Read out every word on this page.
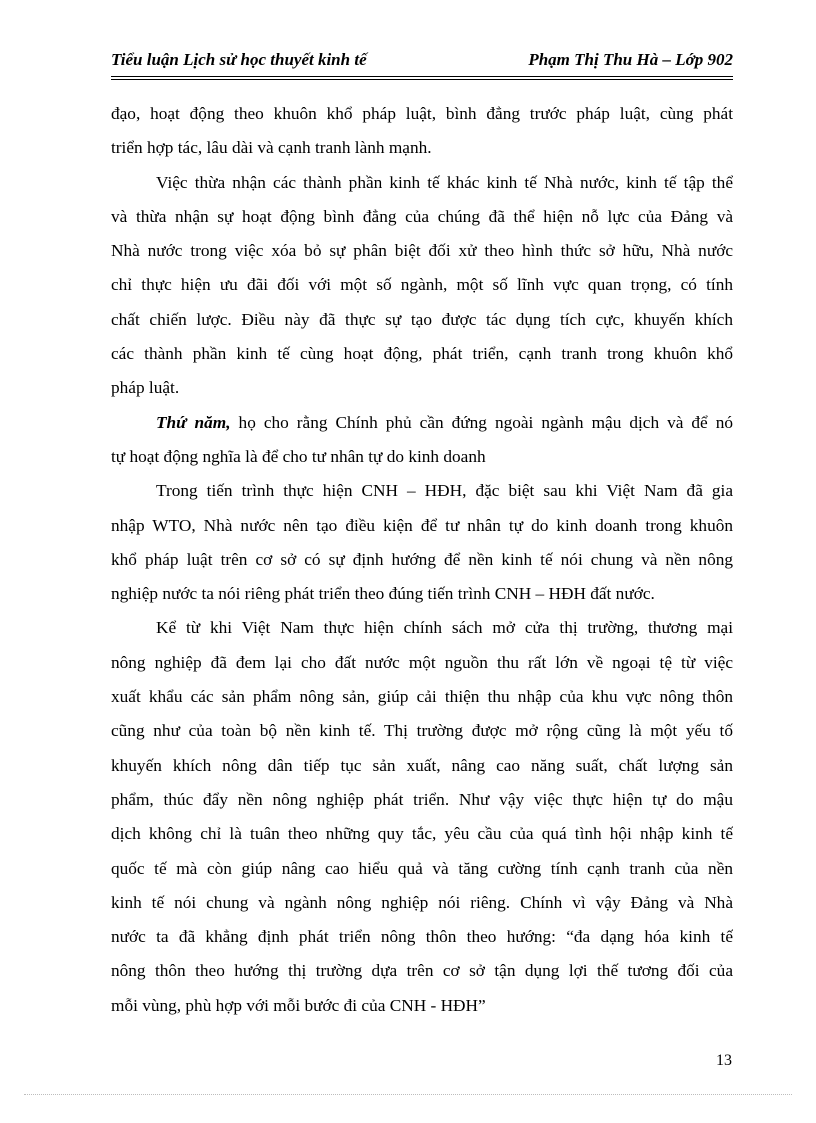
Tiểu luận Lịch sử học thuyết kinh tế	Phạm Thị Thu Hà – Lớp 902
đạo, hoạt động theo khuôn khổ pháp luật, bình đẳng trước pháp luật, cùng phát
triển hợp tác, lâu dài và cạnh tranh lành mạnh.
Việc thừa nhận các thành phần kinh tế khác kinh tế Nhà nước, kinh tế tập thể
và thừa nhận sự hoạt động bình đẳng của chúng đã thể hiện nỗ lực của Đảng và
Nhà nước trong việc xóa bỏ sự phân biệt đối xử theo hình thức sở hữu, Nhà nước
chỉ thực hiện ưu đãi đối với một số ngành, một số lĩnh vực quan trọng, có tính
chất chiến lược. Điều này đã thực sự tạo được tác dụng tích cực, khuyến khích
các thành phần kinh tế cùng hoạt động, phát triển, cạnh tranh trong khuôn khổ
pháp luật.
Thứ năm, họ cho rằng Chính phủ cần đứng ngoài ngành mậu dịch và để nó
tự hoạt động nghĩa là để cho tư nhân tự do kinh doanh
Trong tiến trình thực hiện CNH – HĐH, đặc biệt sau khi Việt Nam đã gia
nhập WTO, Nhà nước nên tạo điều kiện để tư nhân tự do kinh doanh trong khuôn
khổ pháp luật trên cơ sở có sự định hướng để nền kinh tế nói chung và nền nông
nghiệp nước ta nói riêng phát triển theo đúng tiến trình CNH – HĐH đất nước.
Kể từ khi Việt Nam thực hiện chính sách mở cửa thị trường, thương mại
nông nghiệp đã đem lại cho đất nước một nguồn thu rất lớn về ngoại tệ từ việc
xuất khẩu các sản phẩm nông sản, giúp cải thiện thu nhập của khu vực nông thôn
cũng như của toàn bộ nền kinh tế. Thị trường được mở rộng cũng là một yếu tố
khuyến khích nông dân tiếp tục sản xuất, nâng cao năng suất, chất lượng sản
phẩm, thúc đẩy nền nông nghiệp phát triển. Như vậy việc thực hiện tự do mậu
dịch không chỉ là tuân theo những quy tắc, yêu cầu của quá tình hội nhập kinh tế
quốc tế mà còn giúp nâng cao hiểu quả và tăng cường tính cạnh tranh của nền
kinh tế nói chung và ngành nông nghiệp nói riêng. Chính vì vậy Đảng và Nhà
nước ta đã khẳng định phát triển nông thôn theo hướng: “đa dạng hóa kinh tế
nông thôn theo hướng thị trường dựa trên cơ sở tận dụng lợi thế tương đối của
mỗi vùng, phù hợp với mỗi bước đi của CNH - HĐH”
13
